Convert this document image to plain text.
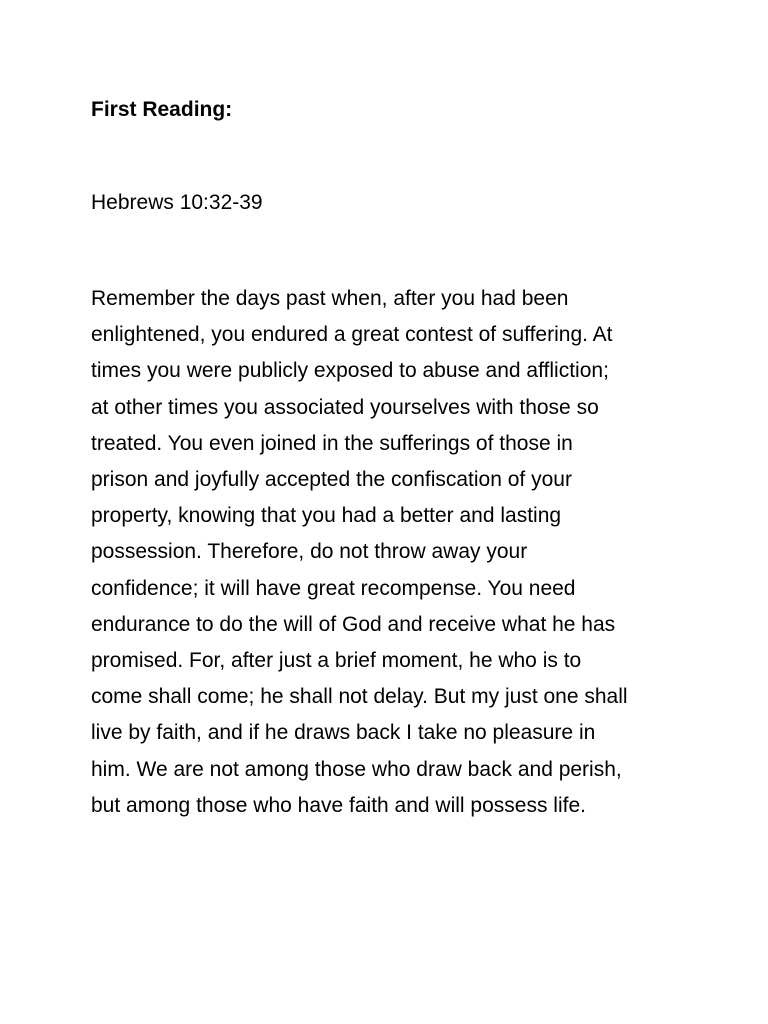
First Reading:

Hebrews 10:32-39

Remember the days past when, after you had been
enlightened, you endured a great contest of suffering. At
times you were publicly exposed to abuse and affliction;
at other times you associated yourselves with those so
treated. You even joined in the sufferings of those in
prison and joyfully accepted the confiscation of your
property, knowing that you had a better and lasting
possession. Therefore, do not throw away your
confidence; it will have great recompense. You need
endurance to do the will of God and receive what he has
promised. For, after just a brief moment, he who is to
come shall come; he shall not delay. But my just one shall
live by faith, and if he draws back I take no pleasure in
him. We are not among those who draw back and perish,
but among those who have faith and will possess life.
